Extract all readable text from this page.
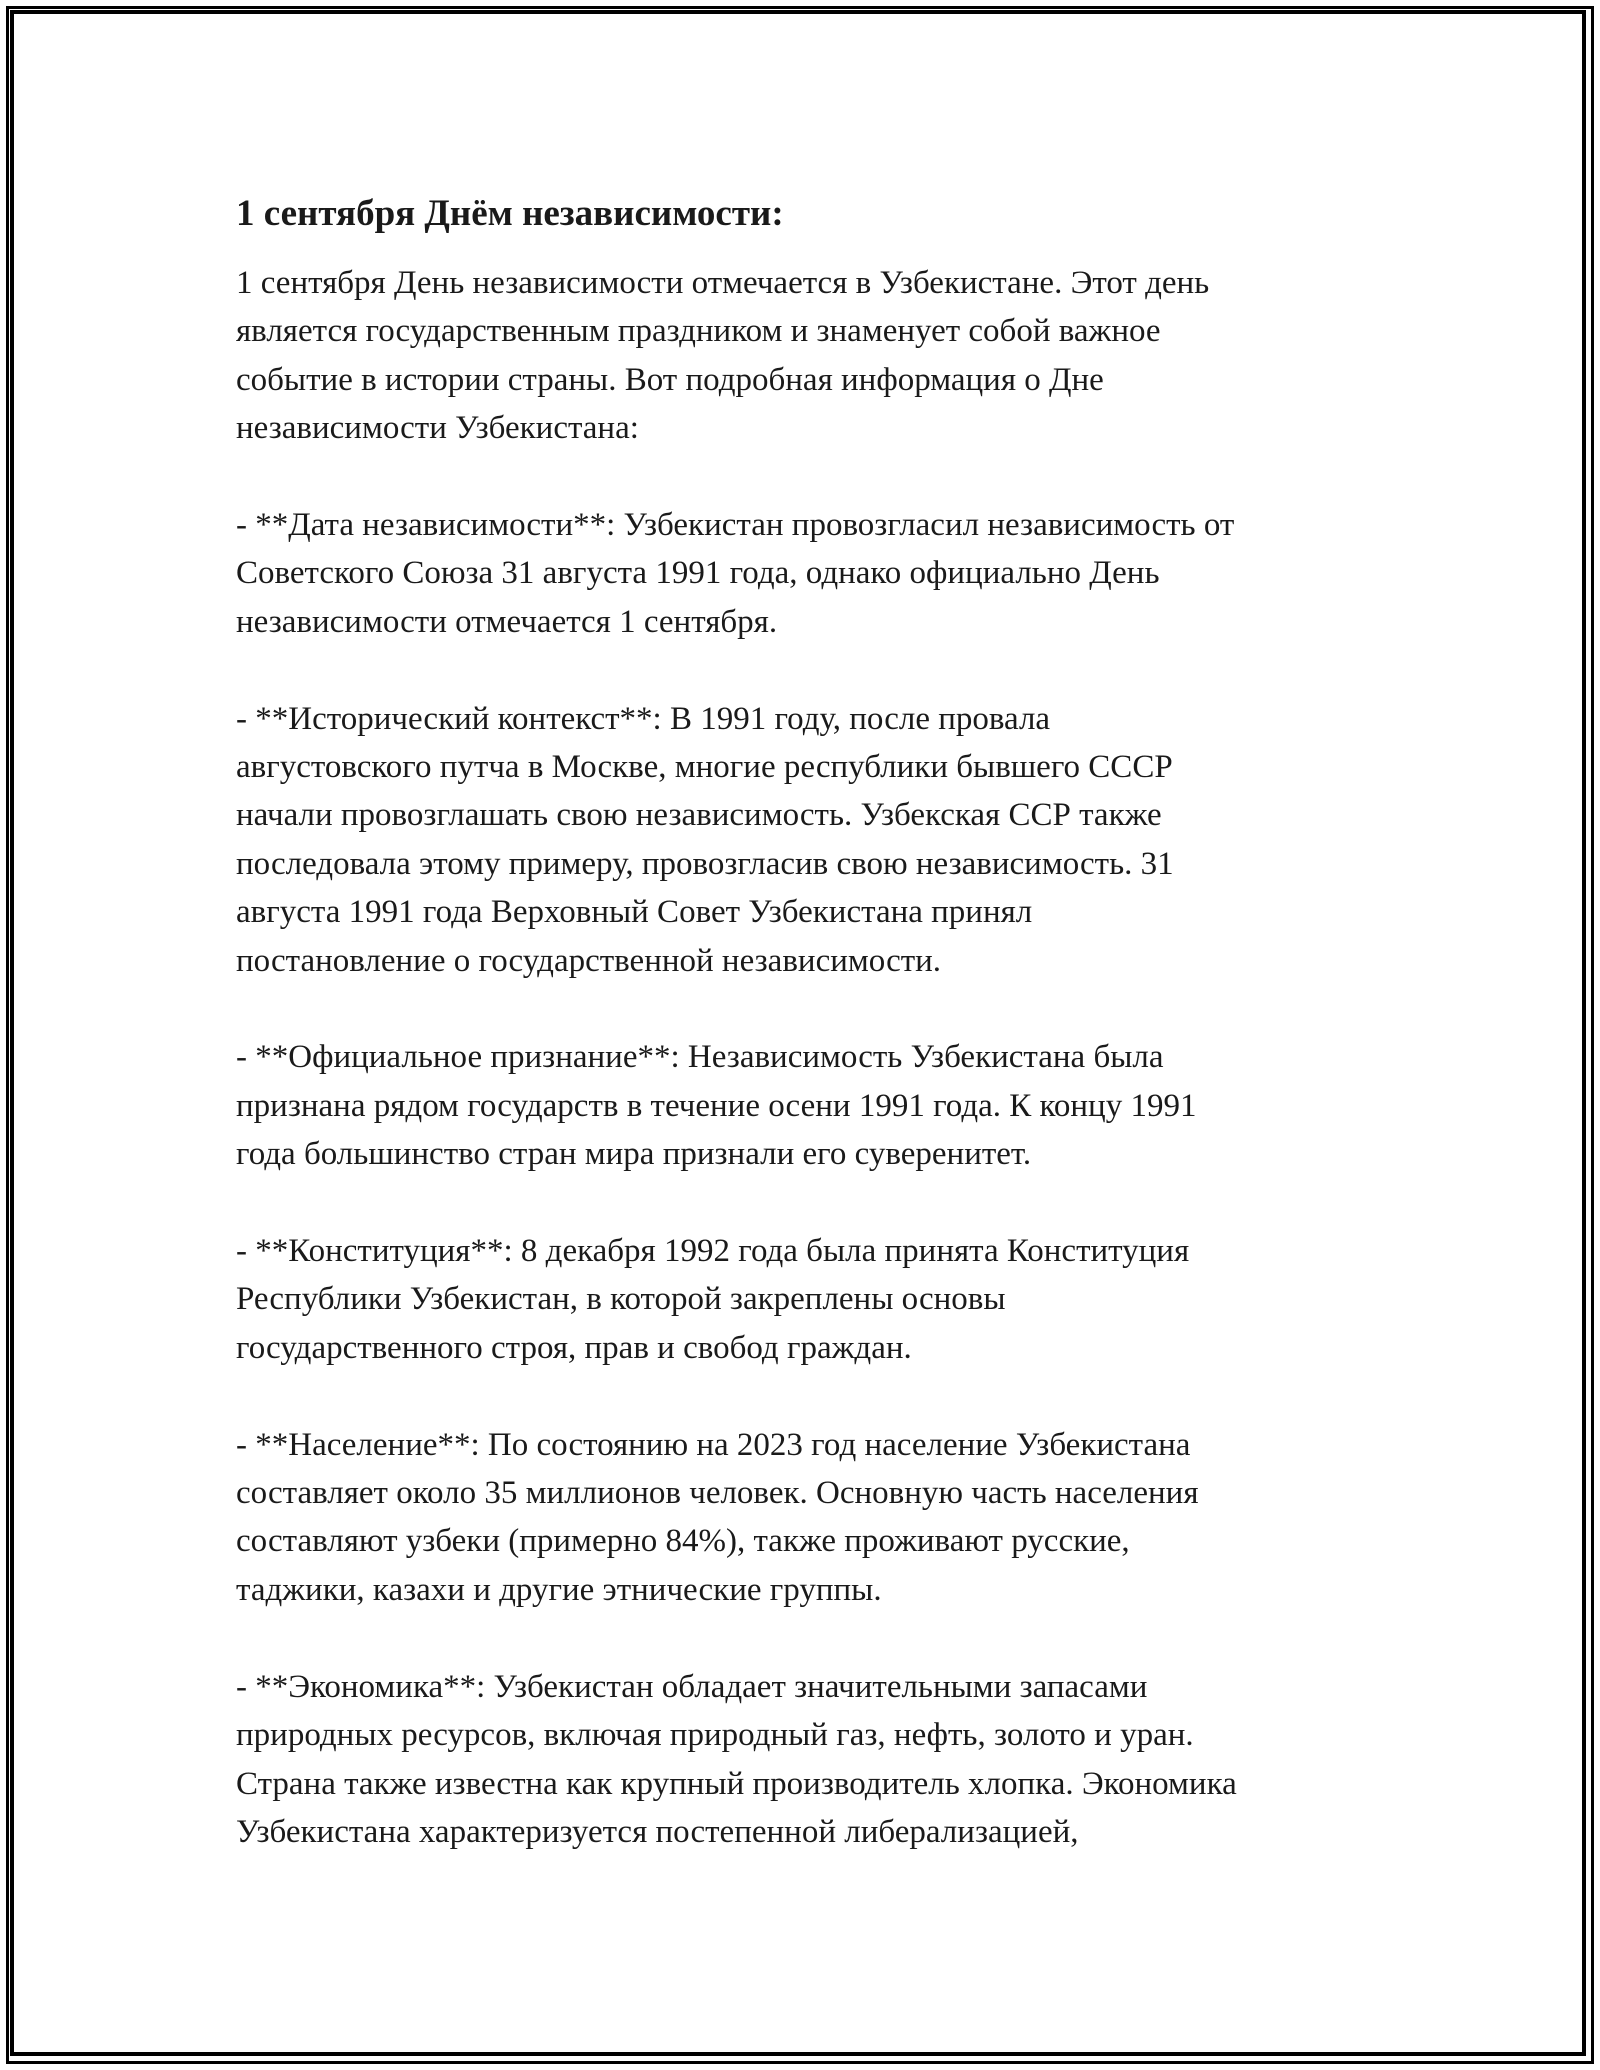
1 сентября Днём независимости:
1 сентября День независимости отмечается в Узбекистане. Этот день
является государственным праздником и знаменует собой важное
событие в истории страны. Вот подробная информация о Дне
независимости Узбекистана:
- **Дата независимости**: Узбекистан провозгласил независимость от
Советского Союза 31 августа 1991 года, однако официально День
независимости отмечается 1 сентября.
- **Исторический контекст**: В 1991 году, после провала
августовского путча в Москве, многие республики бывшего СССР
начали провозглашать свою независимость. Узбекская ССР также
последовала этому примеру, провозгласив свою независимость. 31
августа 1991 года Верховный Совет Узбекистана принял
постановление о государственной независимости.
- **Официальное признание**: Независимость Узбекистана была
признана рядом государств в течение осени 1991 года. К концу 1991
года большинство стран мира признали его суверенитет.
- **Конституция**: 8 декабря 1992 года была принята Конституция
Республики Узбекистан, в которой закреплены основы
государственного строя, прав и свобод граждан.
- **Население**: По состоянию на 2023 год население Узбекистана
составляет около 35 миллионов человек. Основную часть населения
составляют узбеки (примерно 84%), также проживают русские,
таджики, казахи и другие этнические группы.
- **Экономика**: Узбекистан обладает значительными запасами
природных ресурсов, включая природный газ, нефть, золото и уран.
Страна также известна как крупный производитель хлопка. Экономика
Узбекистана характеризуется постепенной либерализацией,
